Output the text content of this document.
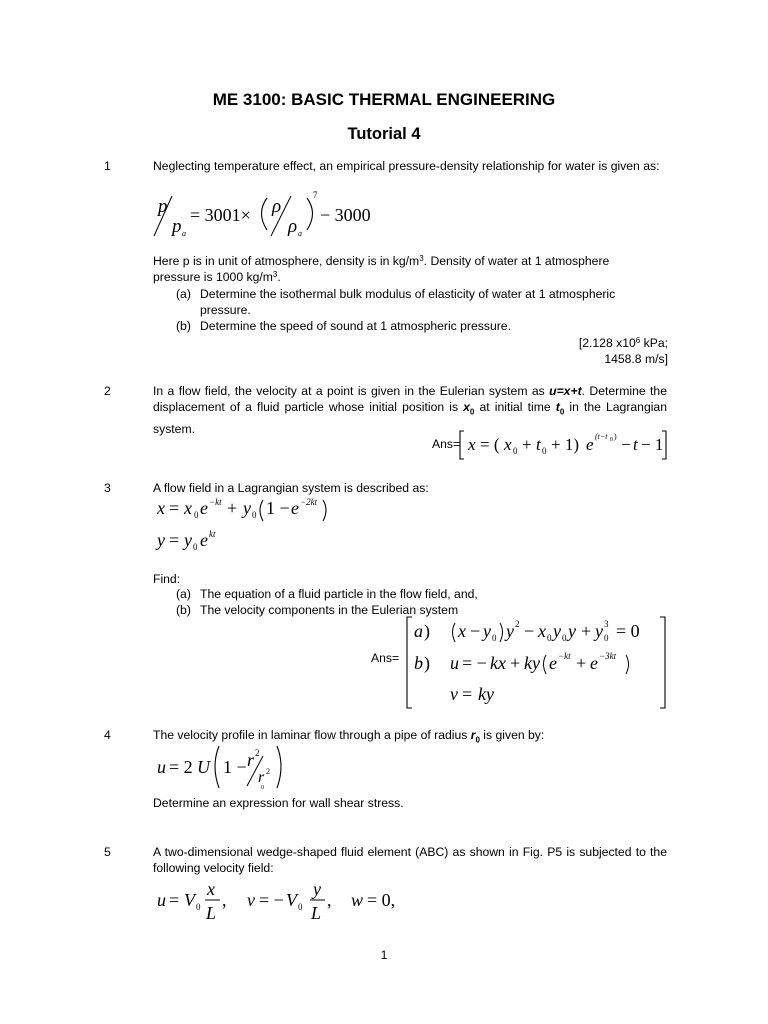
ME 3100: BASIC THERMAL ENGINEERING
Tutorial 4
1	Neglecting temperature effect, an empirical pressure-density relationship for water is given as:
p
p a
= 3001× ρ
ρ a
7
− 3000
Here p is in unit of atmosphere, density is in $kg/m^3$. Density of water at 1 atmosphere
pressure is 1000 $kg/m^3$.
(a) Determine the isothermal bulk modulus of elasticity of water at 1 atmospheric
pressure.
(b) Determine the speed of sound at 1 atmospheric pressure.
[2.128 $x10^6$ kPa;
1458.8 m/s]
2	In a flow field, the velocity at a point is given in the Eulerian system as u=x+t. Determine the displacement of a fluid particle whose initial position is $x_0$ at initial time $t_0$ in the Lagrangian system.
Ans= x = ( x 0 + t 0 + 1) e (t−t 0 ) − t − 1
3	A flow field in a Lagrangian system is described as:
x = x 0 e −kt + y 0 1 − e −2kt
y = y 0 e kt
Find:
(a) The equation of a fluid particle in the flow field, and,
(b) The velocity components in the Eulerian system
Ans=
a ) x − y 0 y 2 − x 0 y 0 y + y 0
3 = 0
b ) u = − kx + ky e −kt + e −3kt
v = ky
4	The velocity profile in laminar flow through a pipe of radius $r_0$ is given by:
u = 2 U 1 − r 2
r 2
0
Determine an expression for wall shear stress.
5	A two-dimensional wedge-shaped fluid element (ABC) as shown in Fig. P5 is subjected to the following velocity field:
u = V 0
x
L
, v = − V 0
y
L
, w = 0,
1
